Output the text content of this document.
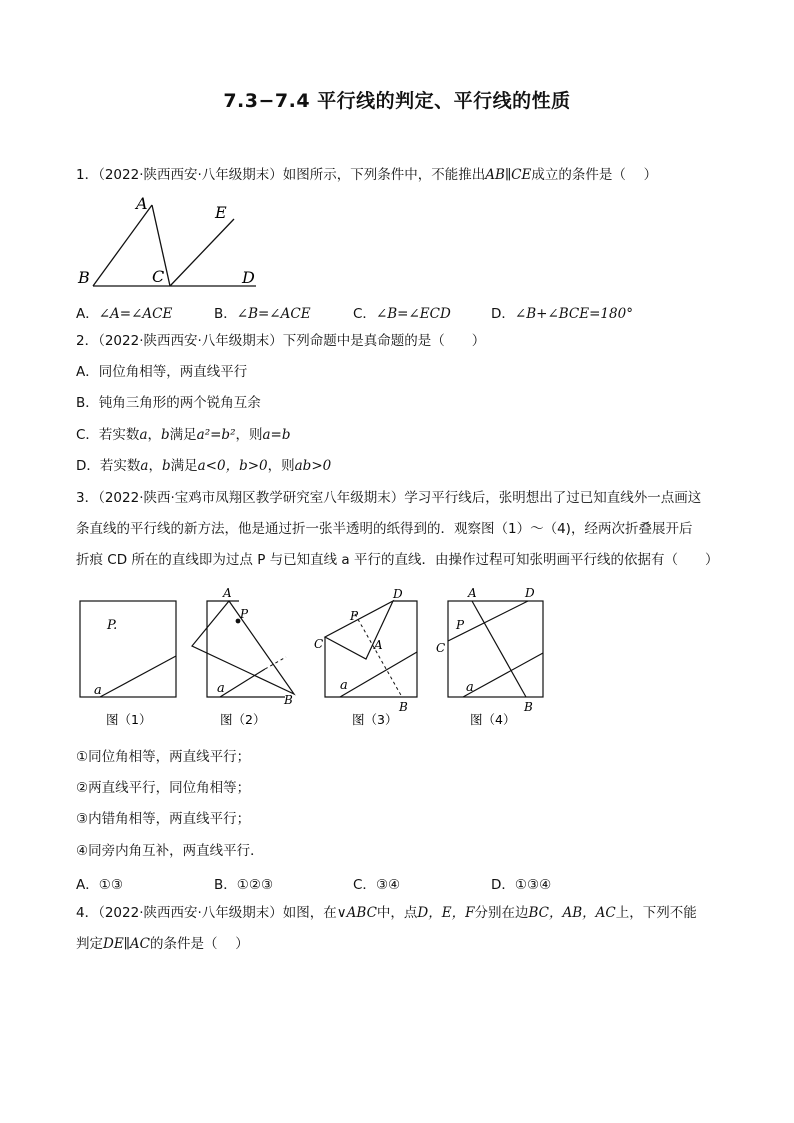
7.3−7.4 平行线的判定、平行线的性质
1．（2022·陕西西安·八年级期末）如图所示，下列条件中，不能推出AB∥CE成立的条件是（　 ）
A
B	C	D
E
A．∠A=∠ACE	B．∠B=∠ACE	C．∠B=∠ECD	D．∠B+∠BCE=180°
2．（2022·陕西西安·八年级期末）下列命题中是真命题的是（　　）
A．同位角相等，两直线平行
B．钝角三角形的两个锐角互余
C．若实数a，b满足a²=b²，则a=b
D．若实数a，b满足a<0，b>0，则ab>0
3．（2022·陕西·宝鸡市凤翔区教学研究室八年级期末）学习平行线后，张明想出了过已知直线外一点画这
条直线的平行线的新方法，他是通过折一张半透明的纸得到的．观察图（1）～（4)，经两次折叠展开后
折痕 CD 所在的直线即为过点 P 与已知直线 a 平行的直线．由操作过程可知张明画平行线的依据有（　　）
P.
a
图（1）
A
P
a
B
图（2）
C
P
D
A
a
B
图（3）
C
A	D
P
a
B
图（4）
①同位角相等，两直线平行；
②两直线平行，同位角相等；
③内错角相等，两直线平行；
④同旁内角互补，两直线平行．
A．①③	B．①②③	C．③④	D．①③④
4．（2022·陕西西安·八年级期末）如图，在∨ABC中，点D，E，F分别在边BC，AB，AC上，下列不能
判定DE∥AC的条件是（　 ）
